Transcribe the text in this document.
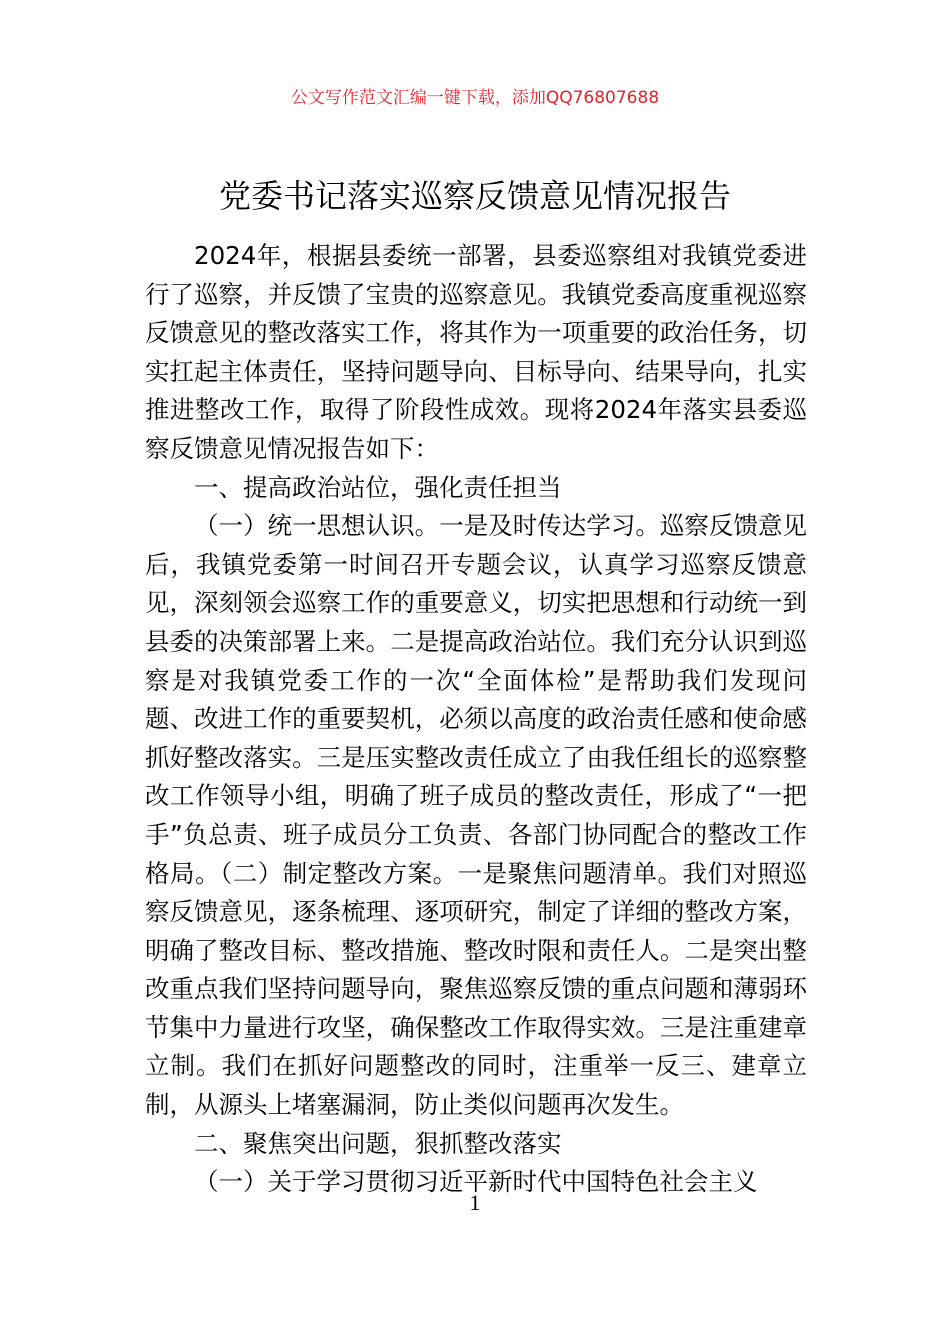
公文写作范文汇编一键下载，添加QQ76807688
党委书记落实巡察反馈意见情况报告

2024年，根据县委统一部署，县委巡察组对我镇党委进行了巡察，并反馈了宝贵的巡察意见。我镇党委高度重视巡察反馈意见的整改落实工作，将其作为一项重要的政治任务，切实扛起主体责任，坚持问题导向、目标导向、结果导向，扎实推进整改工作，取得了阶段性成效。现将2024年落实县委巡察反馈意见情况报告如下：

一、提高政治站位，强化责任担当

（一）统一思想认识。一是及时传达学习。巡察反馈意见后，我镇党委第一时间召开专题会议，认真学习巡察反馈意见，深刻领会巡察工作的重要意义，切实把思想和行动统一到县委的决策部署上来。二是提高政治站位。我们充分认识到巡察是对我镇党委工作的一次“全面体检”是帮助我们发现问题、改进工作的重要契机，必须以高度的政治责任感和使命感抓好整改落实。三是压实整改责任成立了由我任组长的巡察整改工作领导小组，明确了班子成员的整改责任，形成了“一把手”负总责、班子成员分工负责、各部门协同配合的整改工作格局。（二）制定整改方案。一是聚焦问题清单。我们对照巡察反馈意见，逐条梳理、逐项研究，制定了详细的整改方案，明确了整改目标、整改措施、整改时限和责任人。二是突出整改重点我们坚持问题导向，聚焦巡察反馈的重点问题和薄弱环节集中力量进行攻坚，确保整改工作取得实效。三是注重建章立制。我们在抓好问题整改的同时，注重举一反三、建章立制，从源头上堵塞漏洞，防止类似问题再次发生。

二、聚焦突出问题，狠抓整改落实

（一）关于学习贯彻习近平新时代中国特色社会主义

1
